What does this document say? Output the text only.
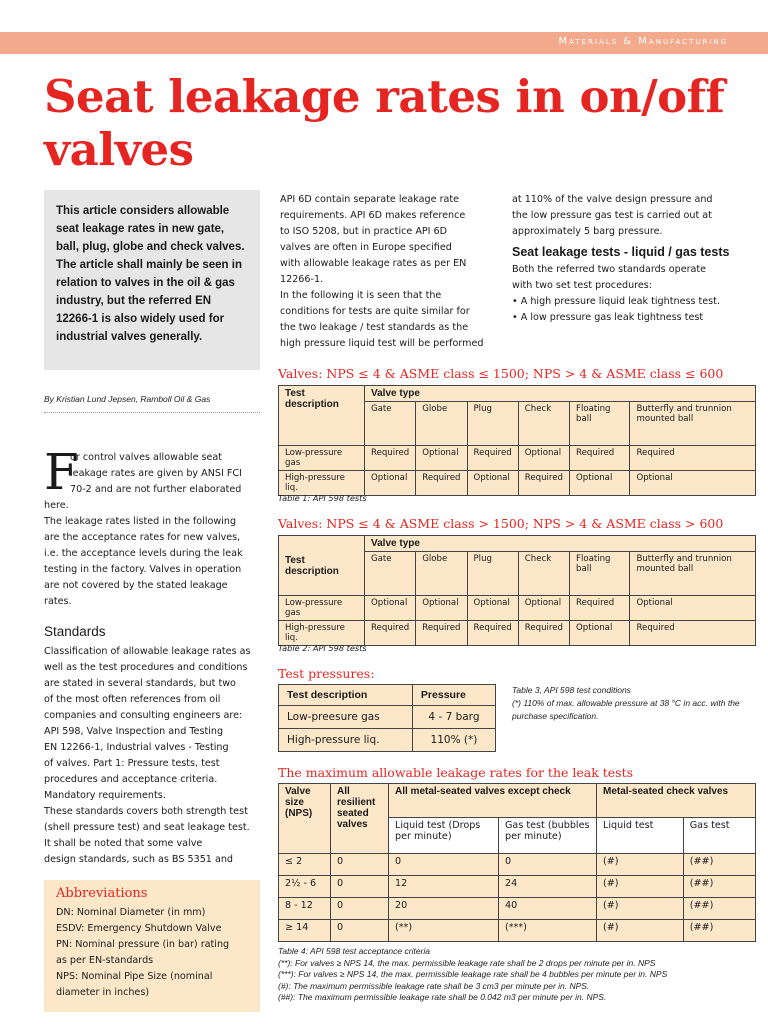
Materials & Manufacturing
Seat leakage rates in on/off valves

This article considers allowable seat leakage rates in new gate, ball, plug, globe and check valves. The article shall mainly be seen in relation to valves in the oil & gas industry, but the referred EN 12266-1 is also widely used for industrial valves generally.

By Kristian Lund Jepsen, Ramboll Oil & Gas
F
or control valves allowable seat
leakage rates are given by ANSI FCI
70-2 and are not further elaborated
here.
The leakage rates listed in the following
are the acceptance rates for new valves,
i.e. the acceptance levels during the leak
testing in the factory. Valves in operation
are not covered by the stated leakage
rates.
Standards
Classification of allowable leakage rates as
well as the test procedures and conditions
are stated in several standards, but two
of the most often references from oil
companies and consulting engineers are:
API 598, Valve Inspection and Testing
EN 12266-1, Industrial valves - Testing
of valves. Part 1: Pressure tests, test
procedures and acceptance criteria.
Mandatory requirements.
These standards covers both strength test
(shell pressure test) and seat leakage test.
It shall be noted that some valve
design standards, such as BS 5351 and
Abbreviations
DN: Nominal Diameter (in mm)
ESDV: Emergency Shutdown Valve
PN: Nominal pressure (in bar) rating
as per EN-standards
NPS: Nominal Pipe Size (nominal
diameter in inches)
API 6D contain separate leakage rate
requirements. API 6D makes reference
to ISO 5208, but in practice API 6D
valves are often in Europe specified
with allowable leakage rates as per EN
12266-1.
In the following it is seen that the
conditions for tests are quite similar for
the two leakage / test standards as the
high pressure liquid test will be performed
at 110% of the valve design pressure and
the low pressure gas test is carried out at
approximately 5 barg pressure.
Seat leakage tests - liquid / gas tests
Both the referred two standards operate
with two set test procedures:
• A high pressure liquid leak tightness test.
• A low pressure gas leak tightness test
Valves: NPS ≤ 4 & ASME class ≤ 1500; NPS > 4 & ASME class ≤ 600
Test description	Valve type					
	Gate	Globe	Plug	Check	Floating ball	Butterfly and trunnion mounted ball
Low-pressure gas	Required	Optional	Required	Optional	Required	Required
High-pressure liq.	Optional	Required	Optional	Required	Optional	Optional
Table 1: API 598 tests
Valves: NPS ≤ 4 & ASME class > 1500; NPS > 4 & ASME class > 600
Test description	Valve type					
	Gate	Globe	Plug	Check	Floating ball	Butterfly and trunnion mounted ball
Low-pressure gas	Optional	Optional	Optional	Optional	Required	Optional
High-pressure liq.	Required	Required	Required	Required	Optional	Required
Table 2: API 598 tests
Test pressures:
Test description	Pressure
Low-preesure gas	4 - 7 barg
High-pressure liq.	110% (*)
Table 3, API 598 test conditions
(*) 110% of max. allowable pressure at 38 °C in acc. with the purchase specification.
The maximum allowable leakage rates for the leak tests
Valve size (NPS)	All resilient seated valves	All metal-seated valves except check		Metal-seated check valves	
		Liquid test (Drops per minute)	Gas test (bubbles per minute)	Liquid test	Gas test
≤ 2	0	0	0	(#)	(##)
2½ - 6	0	12	24	(#)	(##)
8 - 12	0	20	40	(#)	(##)
≥ 14	0	(**)	(***)	(#)	(##)
Table 4: API 598 test acceptance criteria
(**): For valves ≥ NPS 14, the max. permissible leakage rate shall be 2 drops per minute per in. NPS
(***): For valves ≥ NPS 14, the max. permissible leakage rate shall be 4 bubbles per minute per in. NPS
(#): The maximum permissible leakage rate shall be 3 cm3 per minute per in. NPS.
(##): The maximum permissible leakage rate shall be 0.042 m3 per minute per in. NPS.
